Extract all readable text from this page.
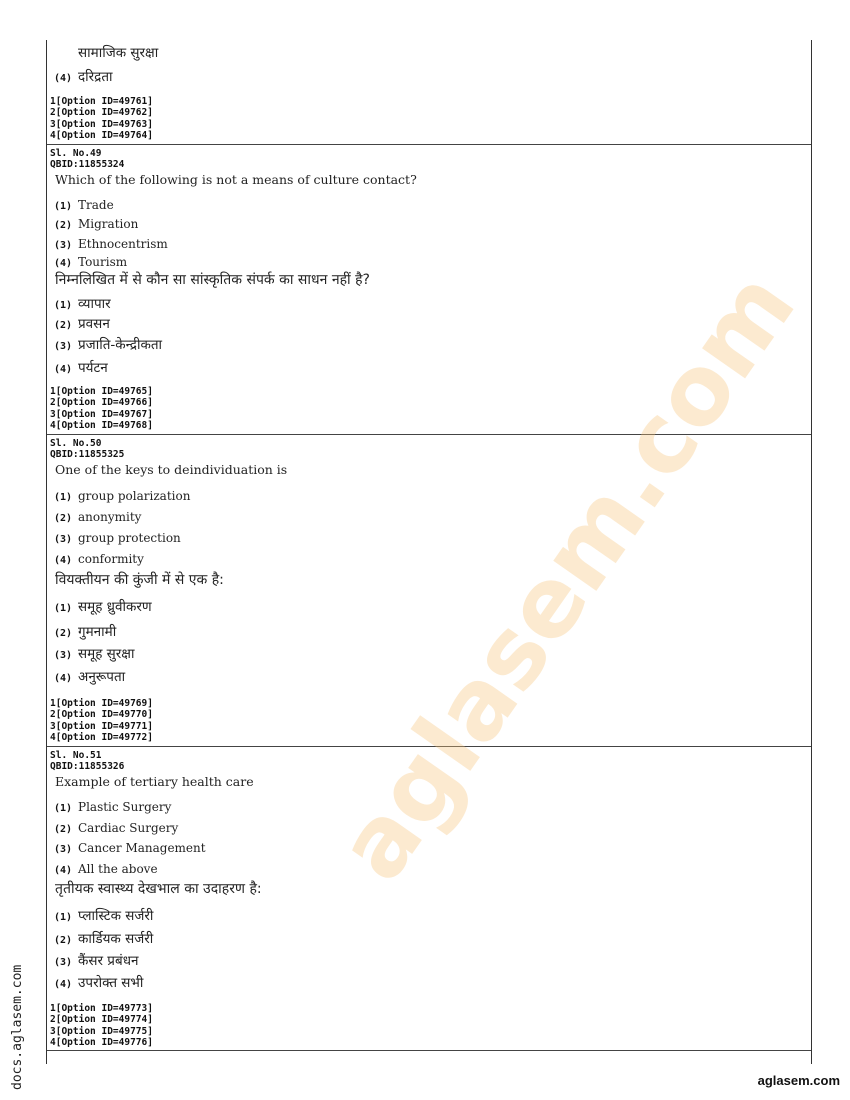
सामाजिक सुरक्षा
(4) दरिद्रता
1[Option ID=49761]
2[Option ID=49762]
3[Option ID=49763]
4[Option ID=49764]
Sl. No.49
QBID:11855324
Which of the following is not a means of culture contact?
(1) Trade
(2) Migration
(3) Ethnocentrism
(4) Tourism
निम्नलिखित में से कौन सा सांस्कृतिक संपर्क का साधन नहीं है?
(1) व्यापार
(2) प्रवसन
(3) प्रजाति-केन्द्रीकता
(4) पर्यटन
1[Option ID=49765]
2[Option ID=49766]
3[Option ID=49767]
4[Option ID=49768]
Sl. No.50
QBID:11855325
One of the keys to deindividuation is
(1) group polarization
(2) anonymity
(3) group protection
(4) conformity
वियक्तीयन की कुंजी में से एक है:
(1) समूह ध्रुवीकरण
(2) गुमनामी
(3) समूह सुरक्षा
(4) अनुरूपता
1[Option ID=49769]
2[Option ID=49770]
3[Option ID=49771]
4[Option ID=49772]
Sl. No.51
QBID:11855326
Example of tertiary health care
(1) Plastic Surgery
(2) Cardiac Surgery
(3) Cancer Management
(4) All the above
तृतीयक स्वास्थ्य देखभाल का उदाहरण है:
(1) प्लास्टिक सर्जरी
(2) कार्डियक सर्जरी
(3) कैंसर प्रबंधन
(4) उपरोक्त सभी
1[Option ID=49773]
2[Option ID=49774]
3[Option ID=49775]
4[Option ID=49776]
aglasem.com
docs.aglasem.com	aglasem.com
